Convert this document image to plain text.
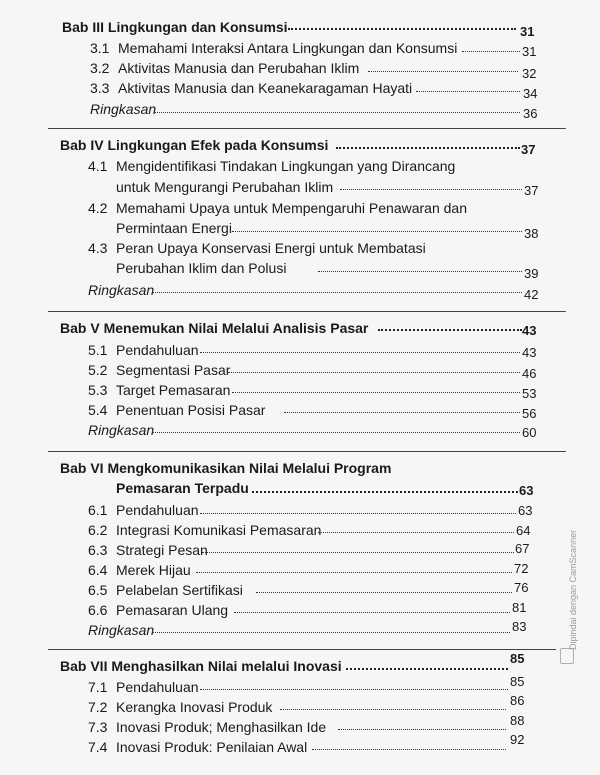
Bab III Lingkungan dan Konsumsi	31
3.1 Memahami Interaksi Antara Lingkungan dan Konsumsi	31
3.2 Aktivitas Manusia dan Perubahan Iklim	32
3.3 Aktivitas Manusia dan Keanekaragaman Hayati	34
Ringkasan	36
Bab IV Lingkungan Efek pada Konsumsi	37
4.1 Mengidentifikasi Tindakan Lingkungan yang Dirancang
untuk Mengurangi Perubahan Iklim	37
4.2 Memahami Upaya untuk Mempengaruhi Penawaran dan
Permintaan Energi	38
4.3 Peran Upaya Konservasi Energi untuk Membatasi
Perubahan Iklim dan Polusi	39
Ringkasan	42
Bab V Menemukan Nilai Melalui Analisis Pasar	43
5.1 Pendahuluan	43
5.2 Segmentasi Pasar	46
5.3 Target Pemasaran	53
5.4 Penentuan Posisi Pasar	56
Ringkasan	60
Bab VI Mengkomunikasikan Nilai Melalui Program
Pemasaran Terpadu	63
6.1 Pendahuluan	63
6.2 Integrasi Komunikasi Pemasaran	64
6.3 Strategi Pesan	67
6.4 Merek Hijau	72
6.5 Pelabelan Sertifikasi	76
6.6 Pemasaran Ulang	81
Ringkasan	83
Bab VII Menghasilkan Nilai melalui Inovasi	85
7.1 Pendahuluan	85
7.2 Kerangka Inovasi Produk	86
7.3 Inovasi Produk; Menghasilkan Ide	88
7.4 Inovasi Produk: Penilaian Awal	92
Dipindai dengan CamScanner
